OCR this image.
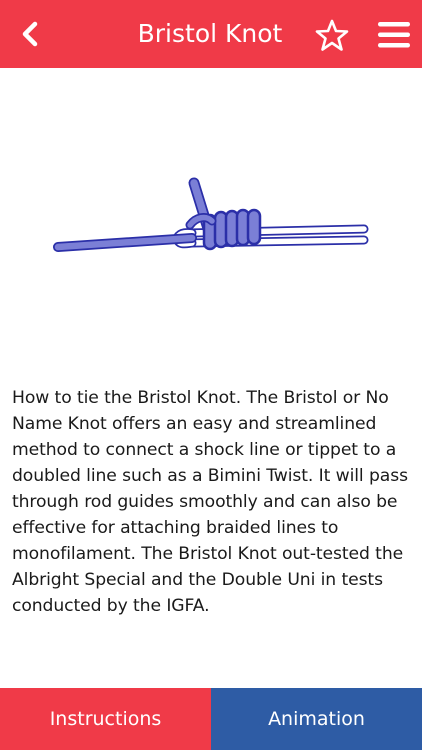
Bristol Knot
How to tie the Bristol Knot. The Bristol or No Name Knot offers an easy and streamlined method to connect a shock line or tippet to a doubled line such as a Bimini Twist. It will pass through rod guides smoothly and can also be effective for attaching braided lines to monofilament. The Bristol Knot out-tested the Albright Special and the Double Uni in tests conducted by the IGFA.
Instructions	Animation
